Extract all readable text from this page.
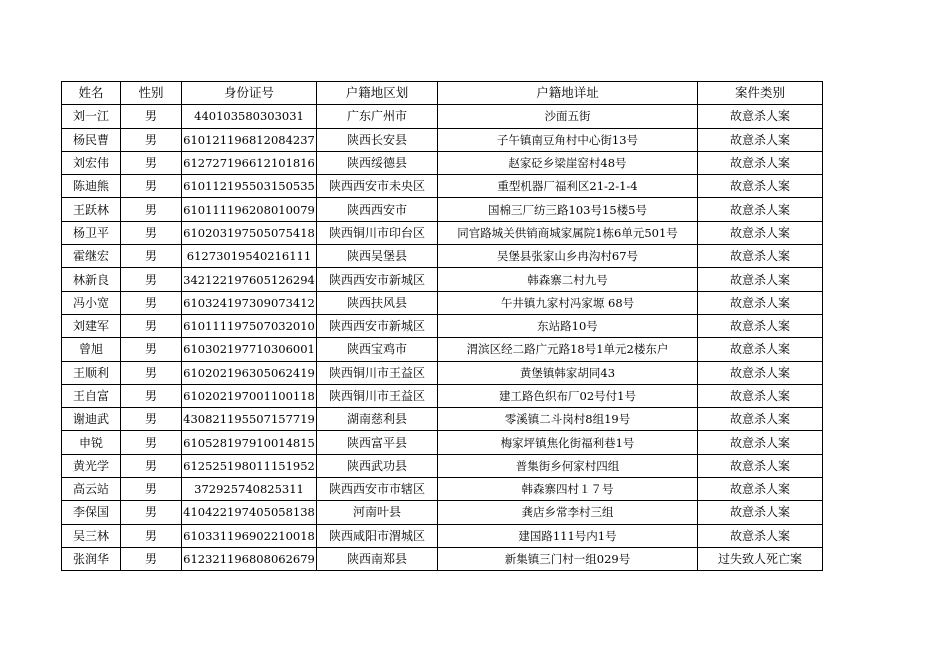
姓名	性别	身份证号	户籍地区划	户籍地详址	案件类别
刘一江	男	440103580303031	广东广州市	沙面五街	故意杀人案
杨民曹	男	610121196812084237	陕西长安县	子午镇南豆角村中心街13号	故意杀人案
刘宏伟	男	612727196612101816	陕西绥德县	赵家砭乡梁崖窑村48号	故意杀人案
陈迪熊	男	610112195503150535	陕西西安市未央区	重型机器厂福利区21-2-1-4	故意杀人案
王跃林	男	610111196208010079	陕西西安市	国棉三厂纺三路103号15楼5号	故意杀人案
杨卫平	男	610203197505075418	陕西铜川市印台区	同官路城关供销商城家属院1栋6单元501号	故意杀人案
霍继宏	男	61273019540216111	陕西吴堡县	吴堡县张家山乡冉沟村67号	故意杀人案
林新良	男	342122197605126294	陕西西安市新城区	韩森寨二村九号	故意杀人案
冯小宽	男	610324197309073412	陕西扶风县	午井镇九家村冯家塬 68号	故意杀人案
刘建军	男	610111197507032010	陕西西安市新城区	东站路10号	故意杀人案
曾旭	男	610302197710306001	陕西宝鸡市	渭滨区经二路广元路18号1单元2楼东户	故意杀人案
王顺利	男	610202196305062419	陕西铜川市王益区	黄堡镇韩家胡同43	故意杀人案
王自富	男	610202197001100118	陕西铜川市王益区	建工路色织布厂02号付1号	故意杀人案
谢迪武	男	430821195507157719	湖南慈利县	零溪镇二斗岗村8组19号	故意杀人案
申锐	男	610528197910014815	陕西富平县	梅家坪镇焦化街福利巷1号	故意杀人案
黄光学	男	612525198011151952	陕西武功县	普集街乡何家村四组	故意杀人案
高云站	男	372925740825311	陕西西安市市辖区	韩森寨四村１７号	故意杀人案
李保国	男	410422197405058138	河南叶县	龚店乡常李村三组	故意杀人案
吴三林	男	610331196902210018	陕西咸阳市渭城区	建国路111号内1号	故意杀人案
张润华	男	612321196808062679	陕西南郑县	新集镇三门村一组029号	过失致人死亡案
